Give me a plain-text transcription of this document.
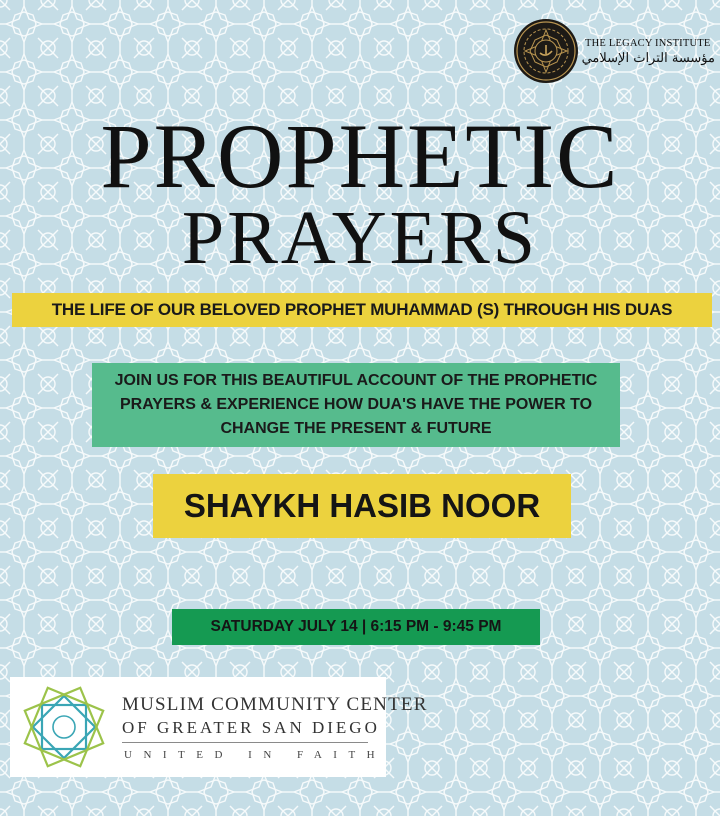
THE LEGACY INSTITUTE
مؤسسة التراث الإسلامي
PROPHETIC
PRAYERS
THE LIFE OF OUR BELOVED PROPHET MUHAMMAD (S) THROUGH HIS DUAS
JOIN US FOR THIS BEAUTIFUL ACCOUNT OF THE PROPHETIC PRAYERS & EXPERIENCE HOW DUA'S HAVE THE POWER TO CHANGE THE PRESENT & FUTURE
SHAYKH HASIB NOOR
SATURDAY JULY 14 | 6:15 PM - 9:45 PM
MUSLIM COMMUNITY CENTER
OF GREATER SAN DIEGO
UNITED IN FAITH
